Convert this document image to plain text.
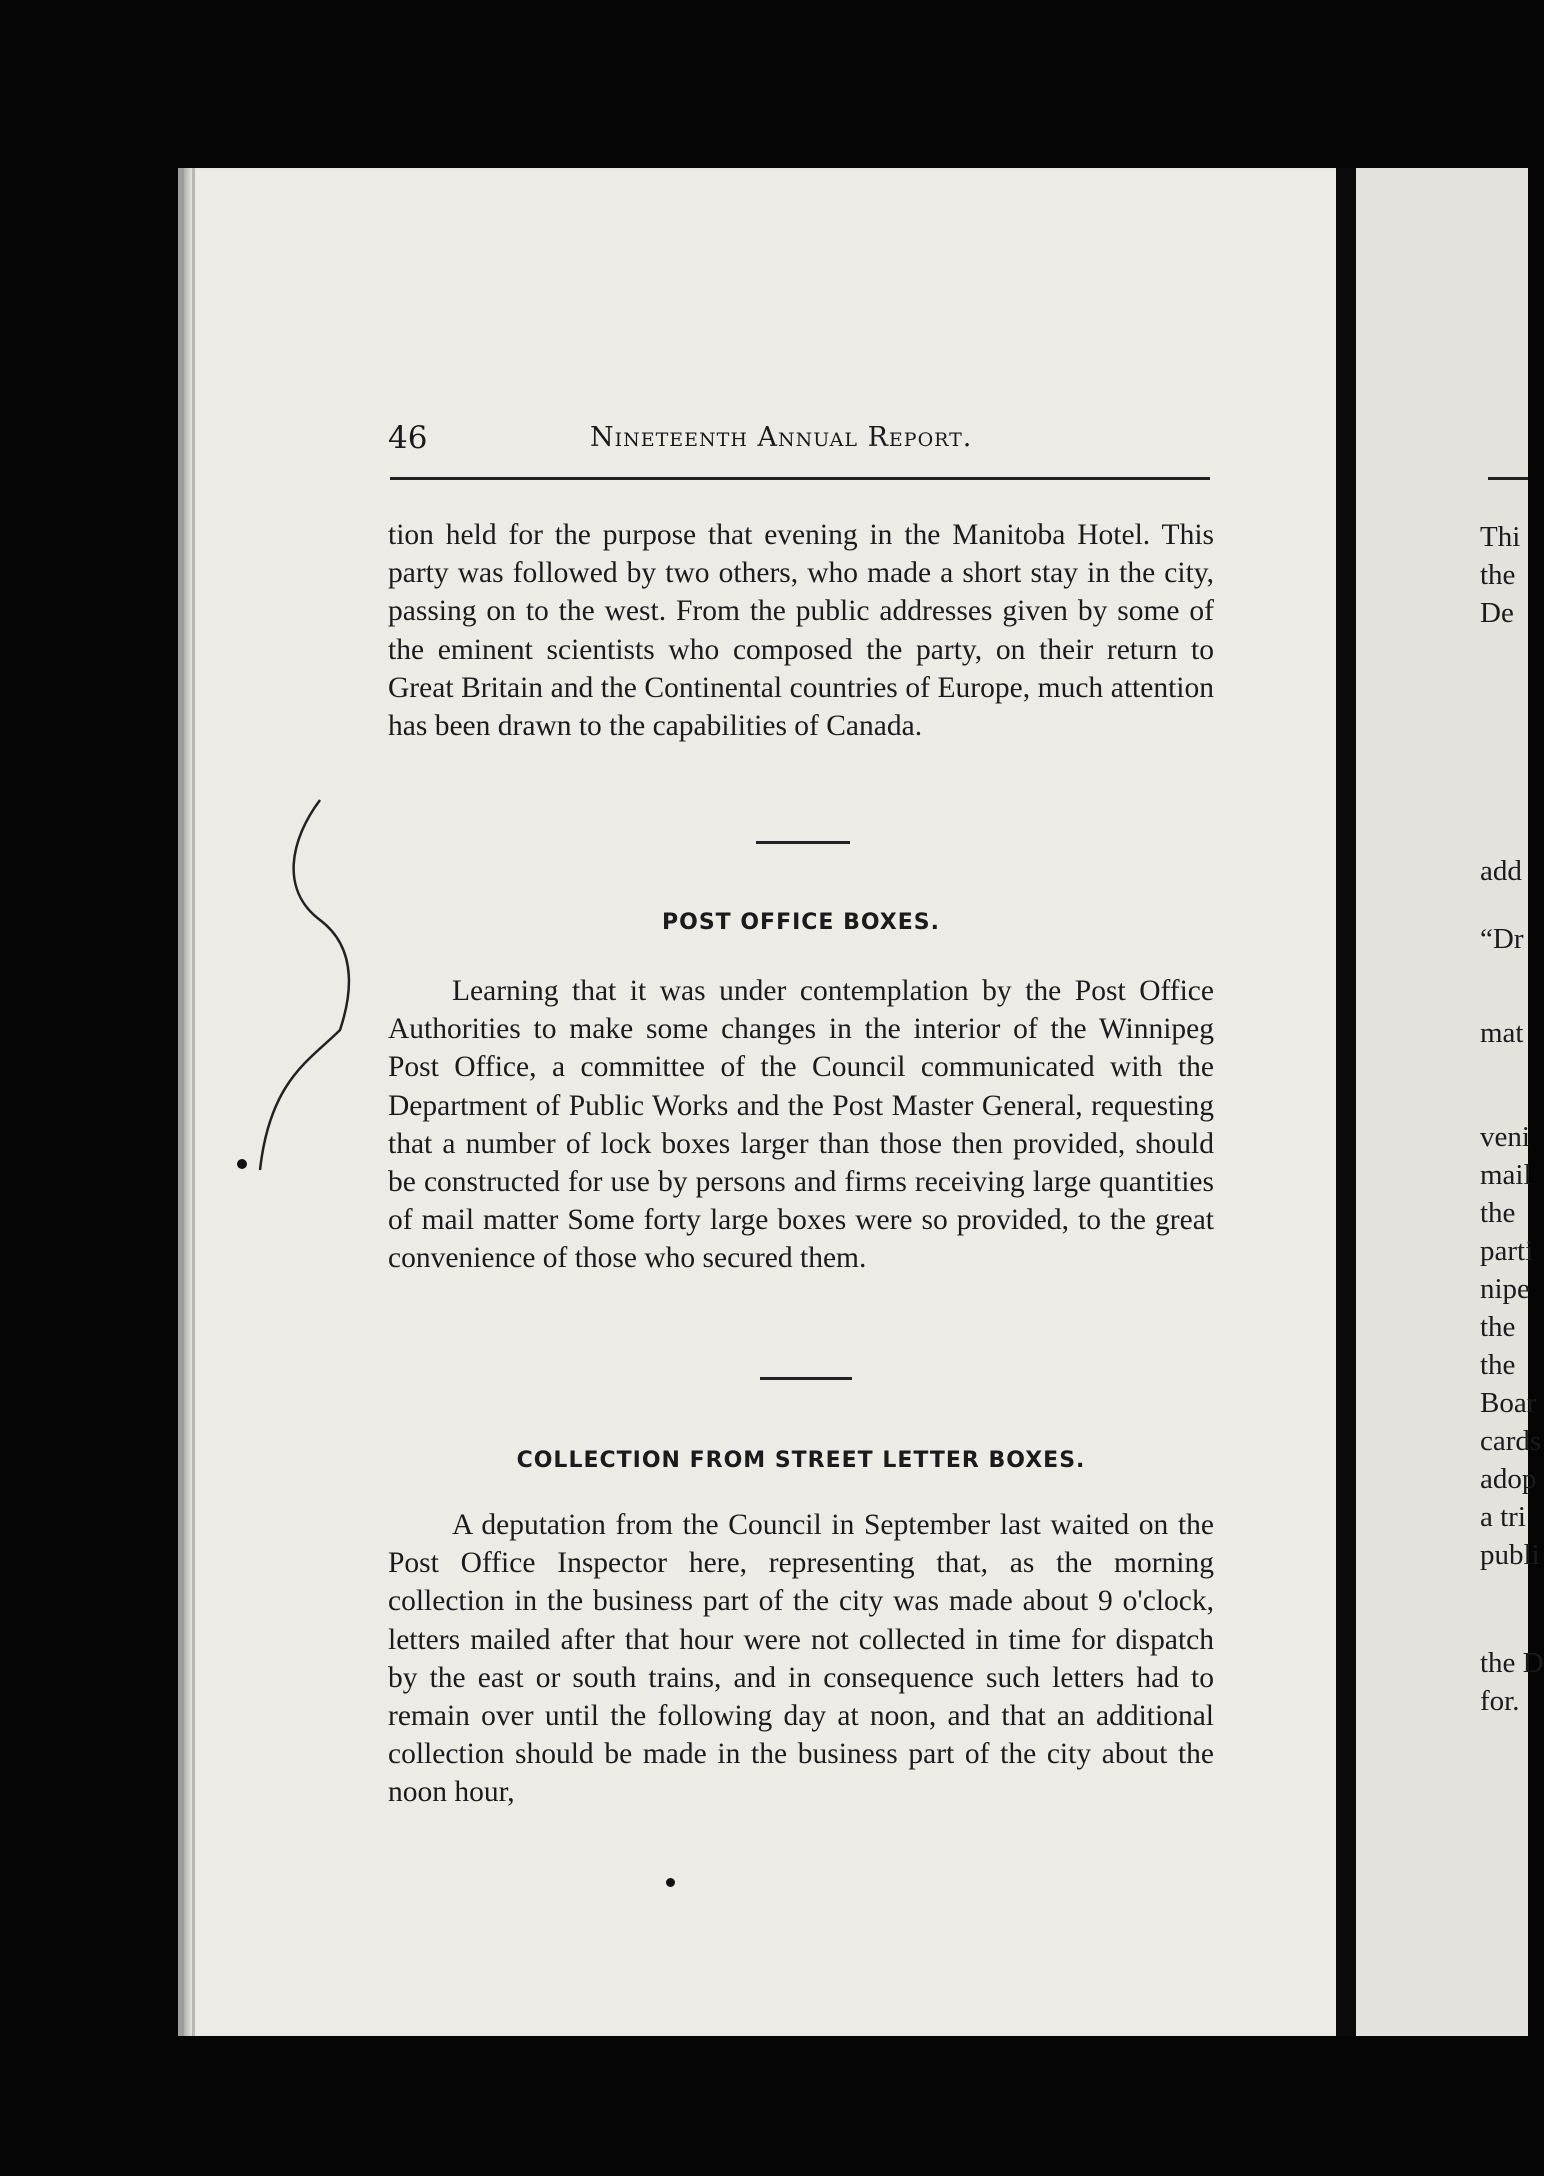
46	Nineteenth Annual Report.

tion held for the purpose that evening in the Manitoba Hotel. This party was followed by two others, who made a short stay in the city, passing on to the west. From the public addresses given by some of the eminent scientists who composed the party, on their return to Great Britain and the Continental countries of Europe, much attention has been drawn to the capabilities of Canada.

POST OFFICE BOXES.

Learning that it was under contemplation by the Post Office Authorities to make some changes in the interior of the Winnipeg Post Office, a committee of the Council communicated with the Department of Public Works and the Post Master General, requesting that a number of lock boxes larger than those then provided, should be constructed for use by persons and firms receiving large quantities of mail matter Some forty large boxes were so provided, to the great convenience of those who secured them.

COLLECTION FROM STREET LETTER BOXES.

A deputation from the Council in September last waited on the Post Office Inspector here, representing that, as the morning collection in the business part of the city was made about 9 o'clock, letters mailed after that hour were not collected in time for dispatch by the east or south trains, and in consequence such letters had to remain over until the following day at noon, and that an additional collection should be made in the business part of the city about the noon hour,

Thi
the
De
add
“Dr
mat
veni
mail
the
parti
nipe
the
the
Boar
cards
adop
a tri
publi
the D
for.
